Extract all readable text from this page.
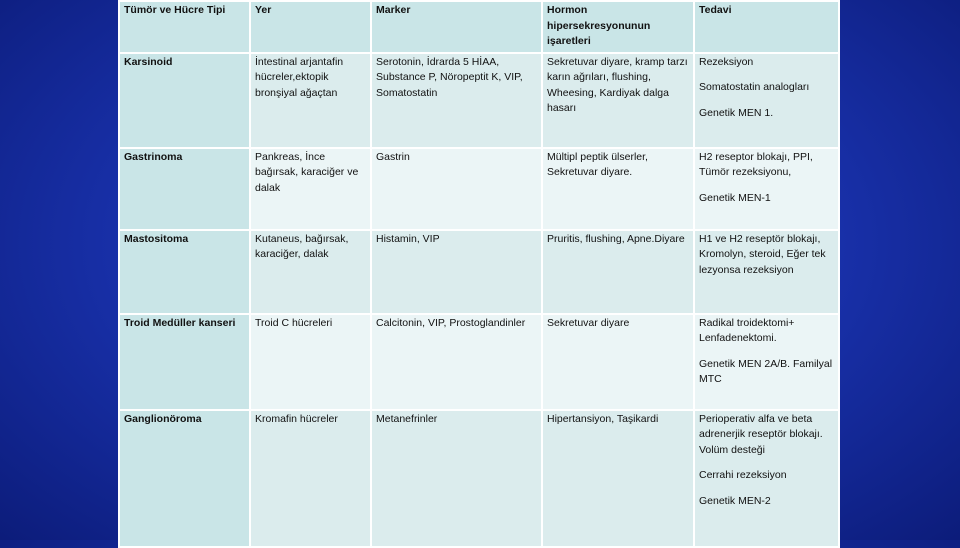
Tümör ve Hücre Tipi	Yer	Marker	Hormon hipersekresyonunun işaretleri	Tedavi
Karsinoid	İntestinal arjantafin hücreler,ektopik bronşiyal ağaçtan	Serotonin, İdrarda 5 HİAA, Substance P, Nöropeptit K, VIP, Somatostatin	Sekretuvar diyare, kramp tarzı karın ağrıları, flushing, Wheesing, Kardiyak dalga hasarı	Rezeksiyon
Somatostatin analogları
Genetik MEN 1.

Gastrinoma	Pankreas, İnce bağırsak, karaciğer ve dalak	Gastrin	Mültipl peptik ülserler, Sekretuvar diyare.	H2 reseptor blokajı, PPI, Tümör rezeksiyonu,
Genetik MEN-1

Mastositoma	Kutaneus, bağırsak, karaciğer, dalak	Histamin, VIP	Pruritis, flushing, Apne.Diyare	H1 ve H2 reseptör blokajı, Kromolyn, steroid, Eğer tek lezyonsa rezeksiyon

Troid Medüller kanseri	Troid C hücreleri	Calcitonin, VIP, Prostoglandinler	Sekretuvar diyare	Radikal troidektomi+ Lenfadenektomi.
Genetik MEN 2A/B. Familyal MTC

Ganglionöroma	Kromafin hücreler	Metanefrinler	Hipertansiyon, Taşikardi	Perioperativ alfa ve beta adrenerjik reseptör blokajı. Volüm desteği
Cerrahi rezeksiyon
Genetik MEN-2
